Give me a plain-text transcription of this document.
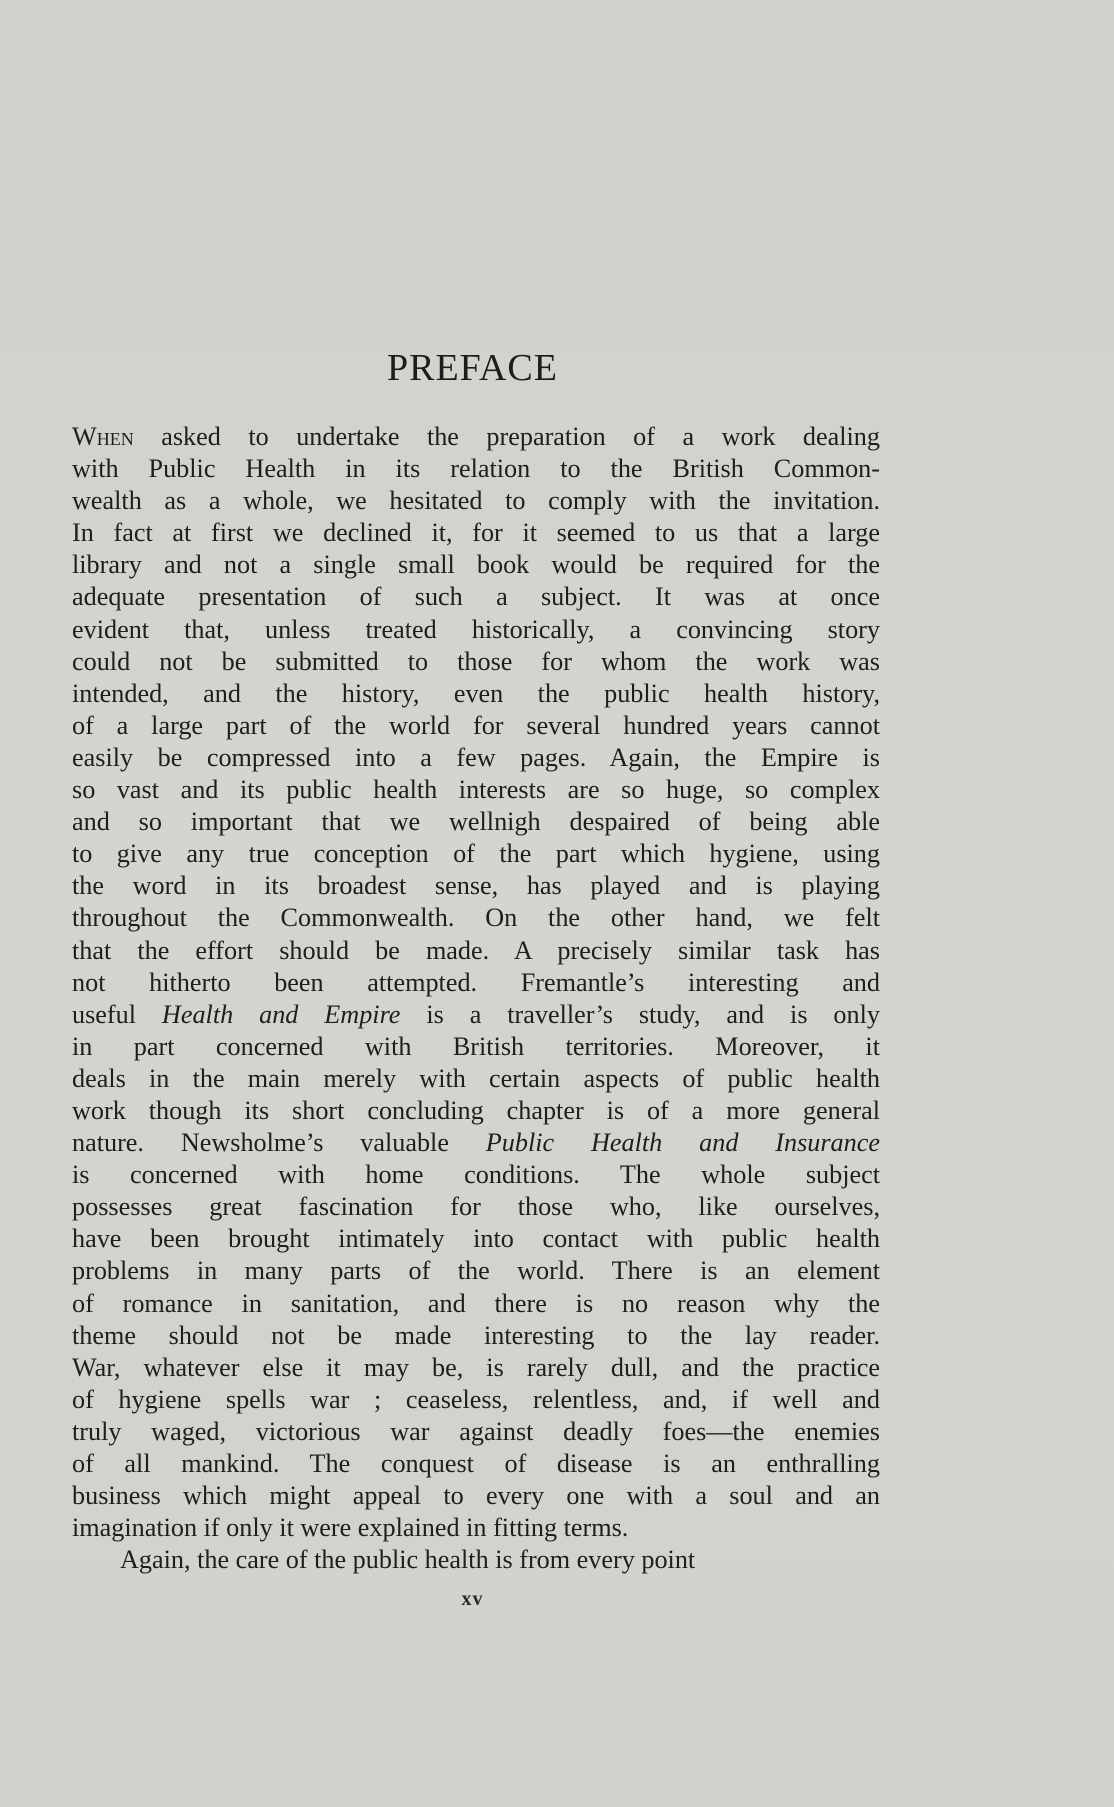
PREFACE
When asked to undertake the preparation of a work dealing
with Public Health in its relation to the British Common-
wealth as a whole, we hesitated to comply with the invitation.
In fact at first we declined it, for it seemed to us that a large
library and not a single small book would be required for the
adequate presentation of such a subject. It was at once
evident that, unless treated historically, a convincing story
could not be submitted to those for whom the work was
intended, and the history, even the public health history,
of a large part of the world for several hundred years cannot
easily be compressed into a few pages. Again, the Empire is
so vast and its public health interests are so huge, so complex
and so important that we wellnigh despaired of being able
to give any true conception of the part which hygiene, using
the word in its broadest sense, has played and is playing
throughout the Commonwealth. On the other hand, we felt
that the effort should be made. A precisely similar task has
not hitherto been attempted. Fremantle’s interesting and
useful Health and Empire is a traveller’s study, and is only
in part concerned with British territories. Moreover, it
deals in the main merely with certain aspects of public health
work though its short concluding chapter is of a more general
nature. Newsholme’s valuable Public Health and Insurance
is concerned with home conditions. The whole subject
possesses great fascination for those who, like ourselves,
have been brought intimately into contact with public health
problems in many parts of the world. There is an element
of romance in sanitation, and there is no reason why the
theme should not be made interesting to the lay reader.
War, whatever else it may be, is rarely dull, and the practice
of hygiene spells war ; ceaseless, relentless, and, if well and
truly waged, victorious war against deadly foes—the enemies
of all mankind. The conquest of disease is an enthralling
business which might appeal to every one with a soul and an
imagination if only it were explained in fitting terms.
Again, the care of the public health is from every point
xv
